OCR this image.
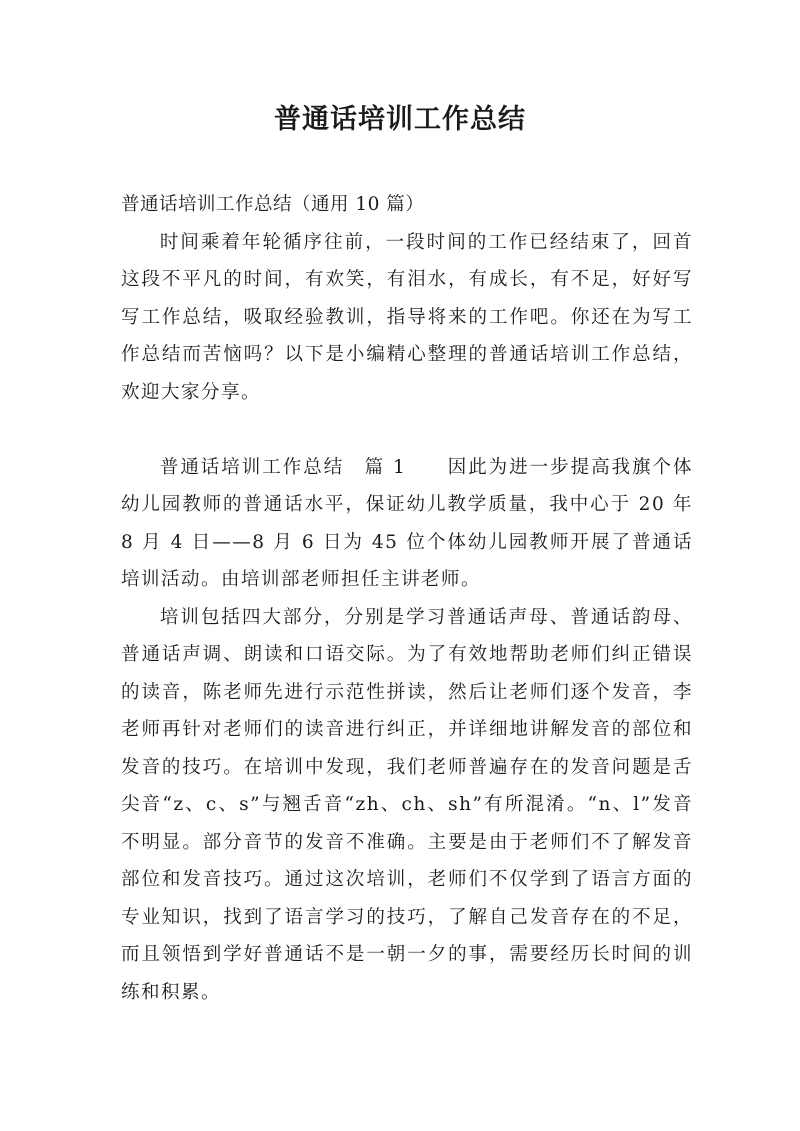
普通话培训工作总结

普通话培训工作总结（通用 10 篇）

时间乘着年轮循序往前，一段时间的工作已经结束了，回首这段不平凡的时间，有欢笑，有泪水，有成长，有不足，好好写写工作总结，吸取经验教训，指导将来的工作吧。你还在为写工作总结而苦恼吗？以下是小编精心整理的普通话培训工作总结，欢迎大家分享。

普通话培训工作总结　篇 1　　因此为进一步提高我旗个体幼儿园教师的普通话水平，保证幼儿教学质量，我中心于 20 年 8 月 4 日——8 月 6 日为 45 位个体幼儿园教师开展了普通话培训活动。由培训部老师担任主讲老师。

培训包括四大部分，分别是学习普通话声母、普通话韵母、普通话声调、朗读和口语交际。为了有效地帮助老师们纠正错误的读音，陈老师先进行示范性拼读，然后让老师们逐个发音，李老师再针对老师们的读音进行纠正，并详细地讲解发音的部位和发音的技巧。在培训中发现，我们老师普遍存在的发音问题是舌尖音“z、c、s”与翘舌音“zh、ch、sh”有所混淆。“n、l”发音不明显。部分音节的发音不准确。主要是由于老师们不了解发音部位和发音技巧。通过这次培训，老师们不仅学到了语言方面的专业知识，找到了语言学习的技巧，了解自己发音存在的不足，而且领悟到学好普通话不是一朝一夕的事，需要经历长时间的训练和积累。
